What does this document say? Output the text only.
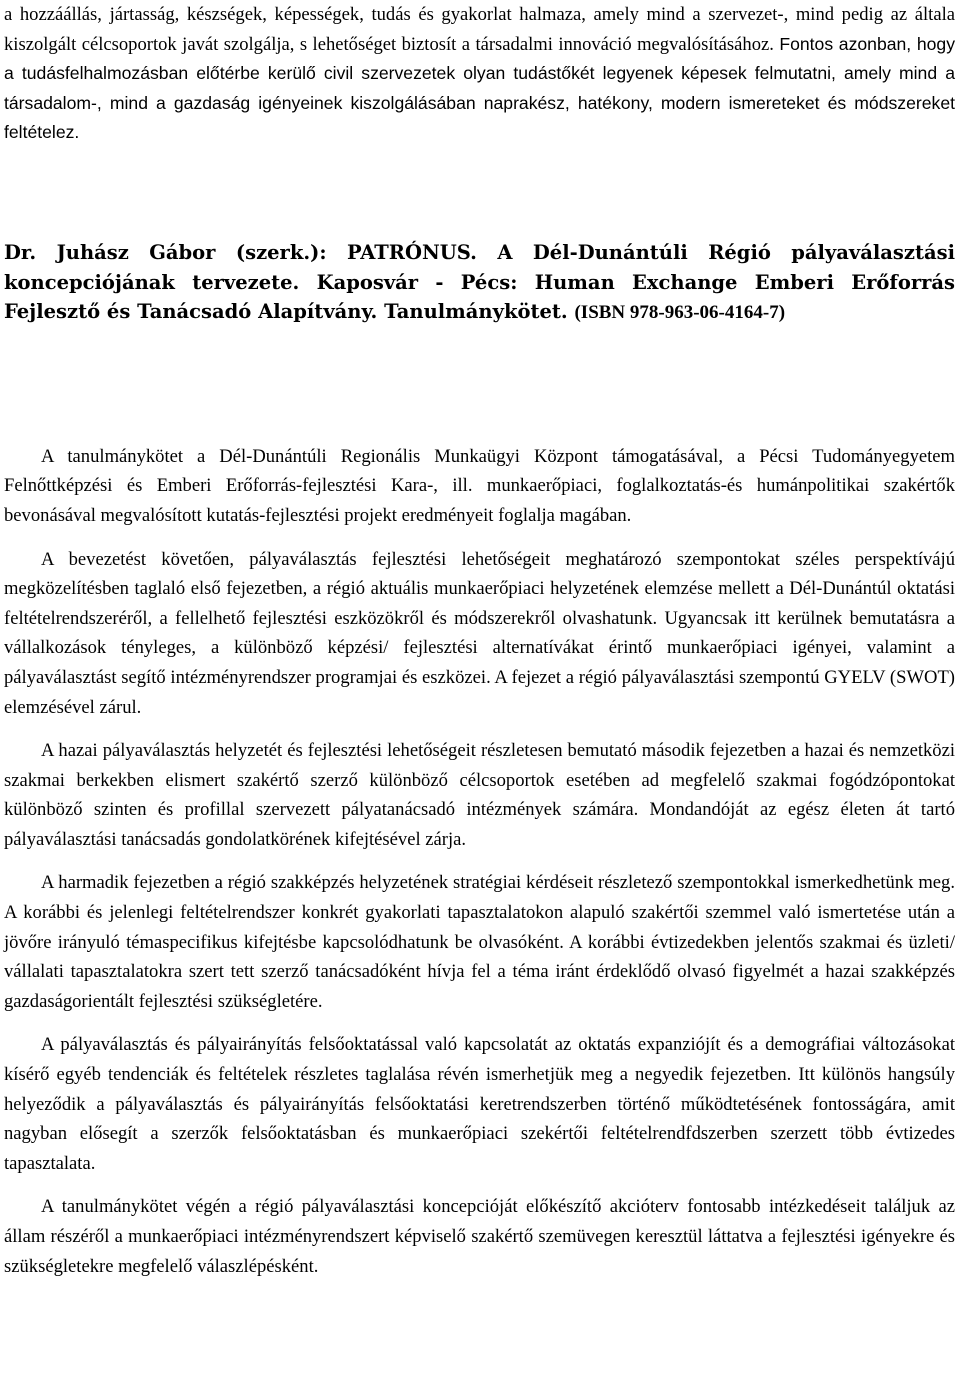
a hozzáállás, jártasság, készségek, képességek, tudás és gyakorlat halmaza, amely mind a szervezet-, mind pedig az általa kiszolgált célcsoportok javát szolgálja, s lehetőséget biztosít a társadalmi innováció megvalósításához. Fontos azonban, hogy a tudásfelhalmozásban előtérbe kerülő civil szervezetek olyan tudástőkét legyenek képesek felmutatni, amely mind a társadalom-, mind a gazdaság igényeinek kiszolgálásában naprakész, hatékony, modern ismereteket és módszereket feltételez.

Dr. Juhász Gábor (szerk.): PATRÓNUS. A Dél-Dunántúli Régió pályaválasztási koncepciójának tervezete. Kaposvár - Pécs: Human Exchange Emberi Erőforrás Fejlesztő és Tanácsadó Alapítvány. Tanulmánykötet. (ISBN 978-963-06-4164-7)

A tanulmánykötet a Dél-Dunántúli Regionális Munkaügyi Központ támogatásával, a Pécsi Tudományegyetem Felnőttképzési és Emberi Erőforrás-fejlesztési Kara-, ill. munkaerőpiaci, foglalkoztatás-és humánpolitikai szakértők bevonásával megvalósított kutatás-fejlesztési projekt eredményeit foglalja magában.

A bevezetést követően, pályaválasztás fejlesztési lehetőségeit meghatározó szempontokat széles perspektívájú megközelítésben taglaló első fejezetben, a régió aktuális munkaerőpiaci helyzetének elemzése mellett a Dél-Dunántúl oktatási feltételrendszeréről, a fellelhető fejlesztési eszközökről és módszerekről olvashatunk. Ugyancsak itt kerülnek bemutatásra a vállalkozások tényleges, a különböző képzési/ fejlesztési alternatívákat érintő munkaerőpiaci igényei, valamint a pályaválasztást segítő intézményrendszer programjai és eszközei. A fejezet a régió pályaválasztási szempontú GYELV (SWOT) elemzésével zárul.

A hazai pályaválasztás helyzetét és fejlesztési lehetőségeit részletesen bemutató második fejezetben a hazai és nemzetközi szakmai berkekben elismert szakértő szerző különböző célcsoportok esetében ad megfelelő szakmai fogódzópontokat különböző szinten és profillal szervezett pályatanácsadó intézmények számára. Mondandóját az egész életen át tartó pályaválasztási tanácsadás gondolatkörének kifejtésével zárja.

A harmadik fejezetben a régió szakképzés helyzetének stratégiai kérdéseit részletező szempontokkal ismerkedhetünk meg. A korábbi és jelenlegi feltételrendszer konkrét gyakorlati tapasztalatokon alapuló szakértői szemmel való ismertetése után a jövőre irányuló témaspecifikus kifejtésbe kapcsolódhatunk be olvasóként. A korábbi évtizedekben jelentős szakmai és üzleti/ vállalati tapasztalatokra szert tett szerző tanácsadóként hívja fel a téma iránt érdeklődő olvasó figyelmét a hazai szakképzés gazdaságorientált fejlesztési szükségletére.

A pályaválasztás és pályairányítás felsőoktatással való kapcsolatát az oktatás expanziójít és a demográfiai változásokat kísérő egyéb tendenciák és feltételek részletes taglalása révén ismerhetjük meg a negyedik fejezetben. Itt különös hangsúly helyeződik a pályaválasztás és pályairányítás felsőoktatási keretrendszerben történő működtetésének fontosságára, amit nagyban elősegít a szerzők felsőoktatásban és munkaerőpiaci szekértői feltételrendfdszerben szerzett több évtizedes tapasztalata.

A tanulmánykötet végén a régió pályaválasztási koncepcióját előkészítő akcióterv fontosabb intézkedéseit találjuk az állam részéről a munkaerőpiaci intézményrendszert képviselő szakértő szemüvegen keresztül láttatva a fejlesztési igényekre és szükségletekre megfelelő válaszlépésként.
